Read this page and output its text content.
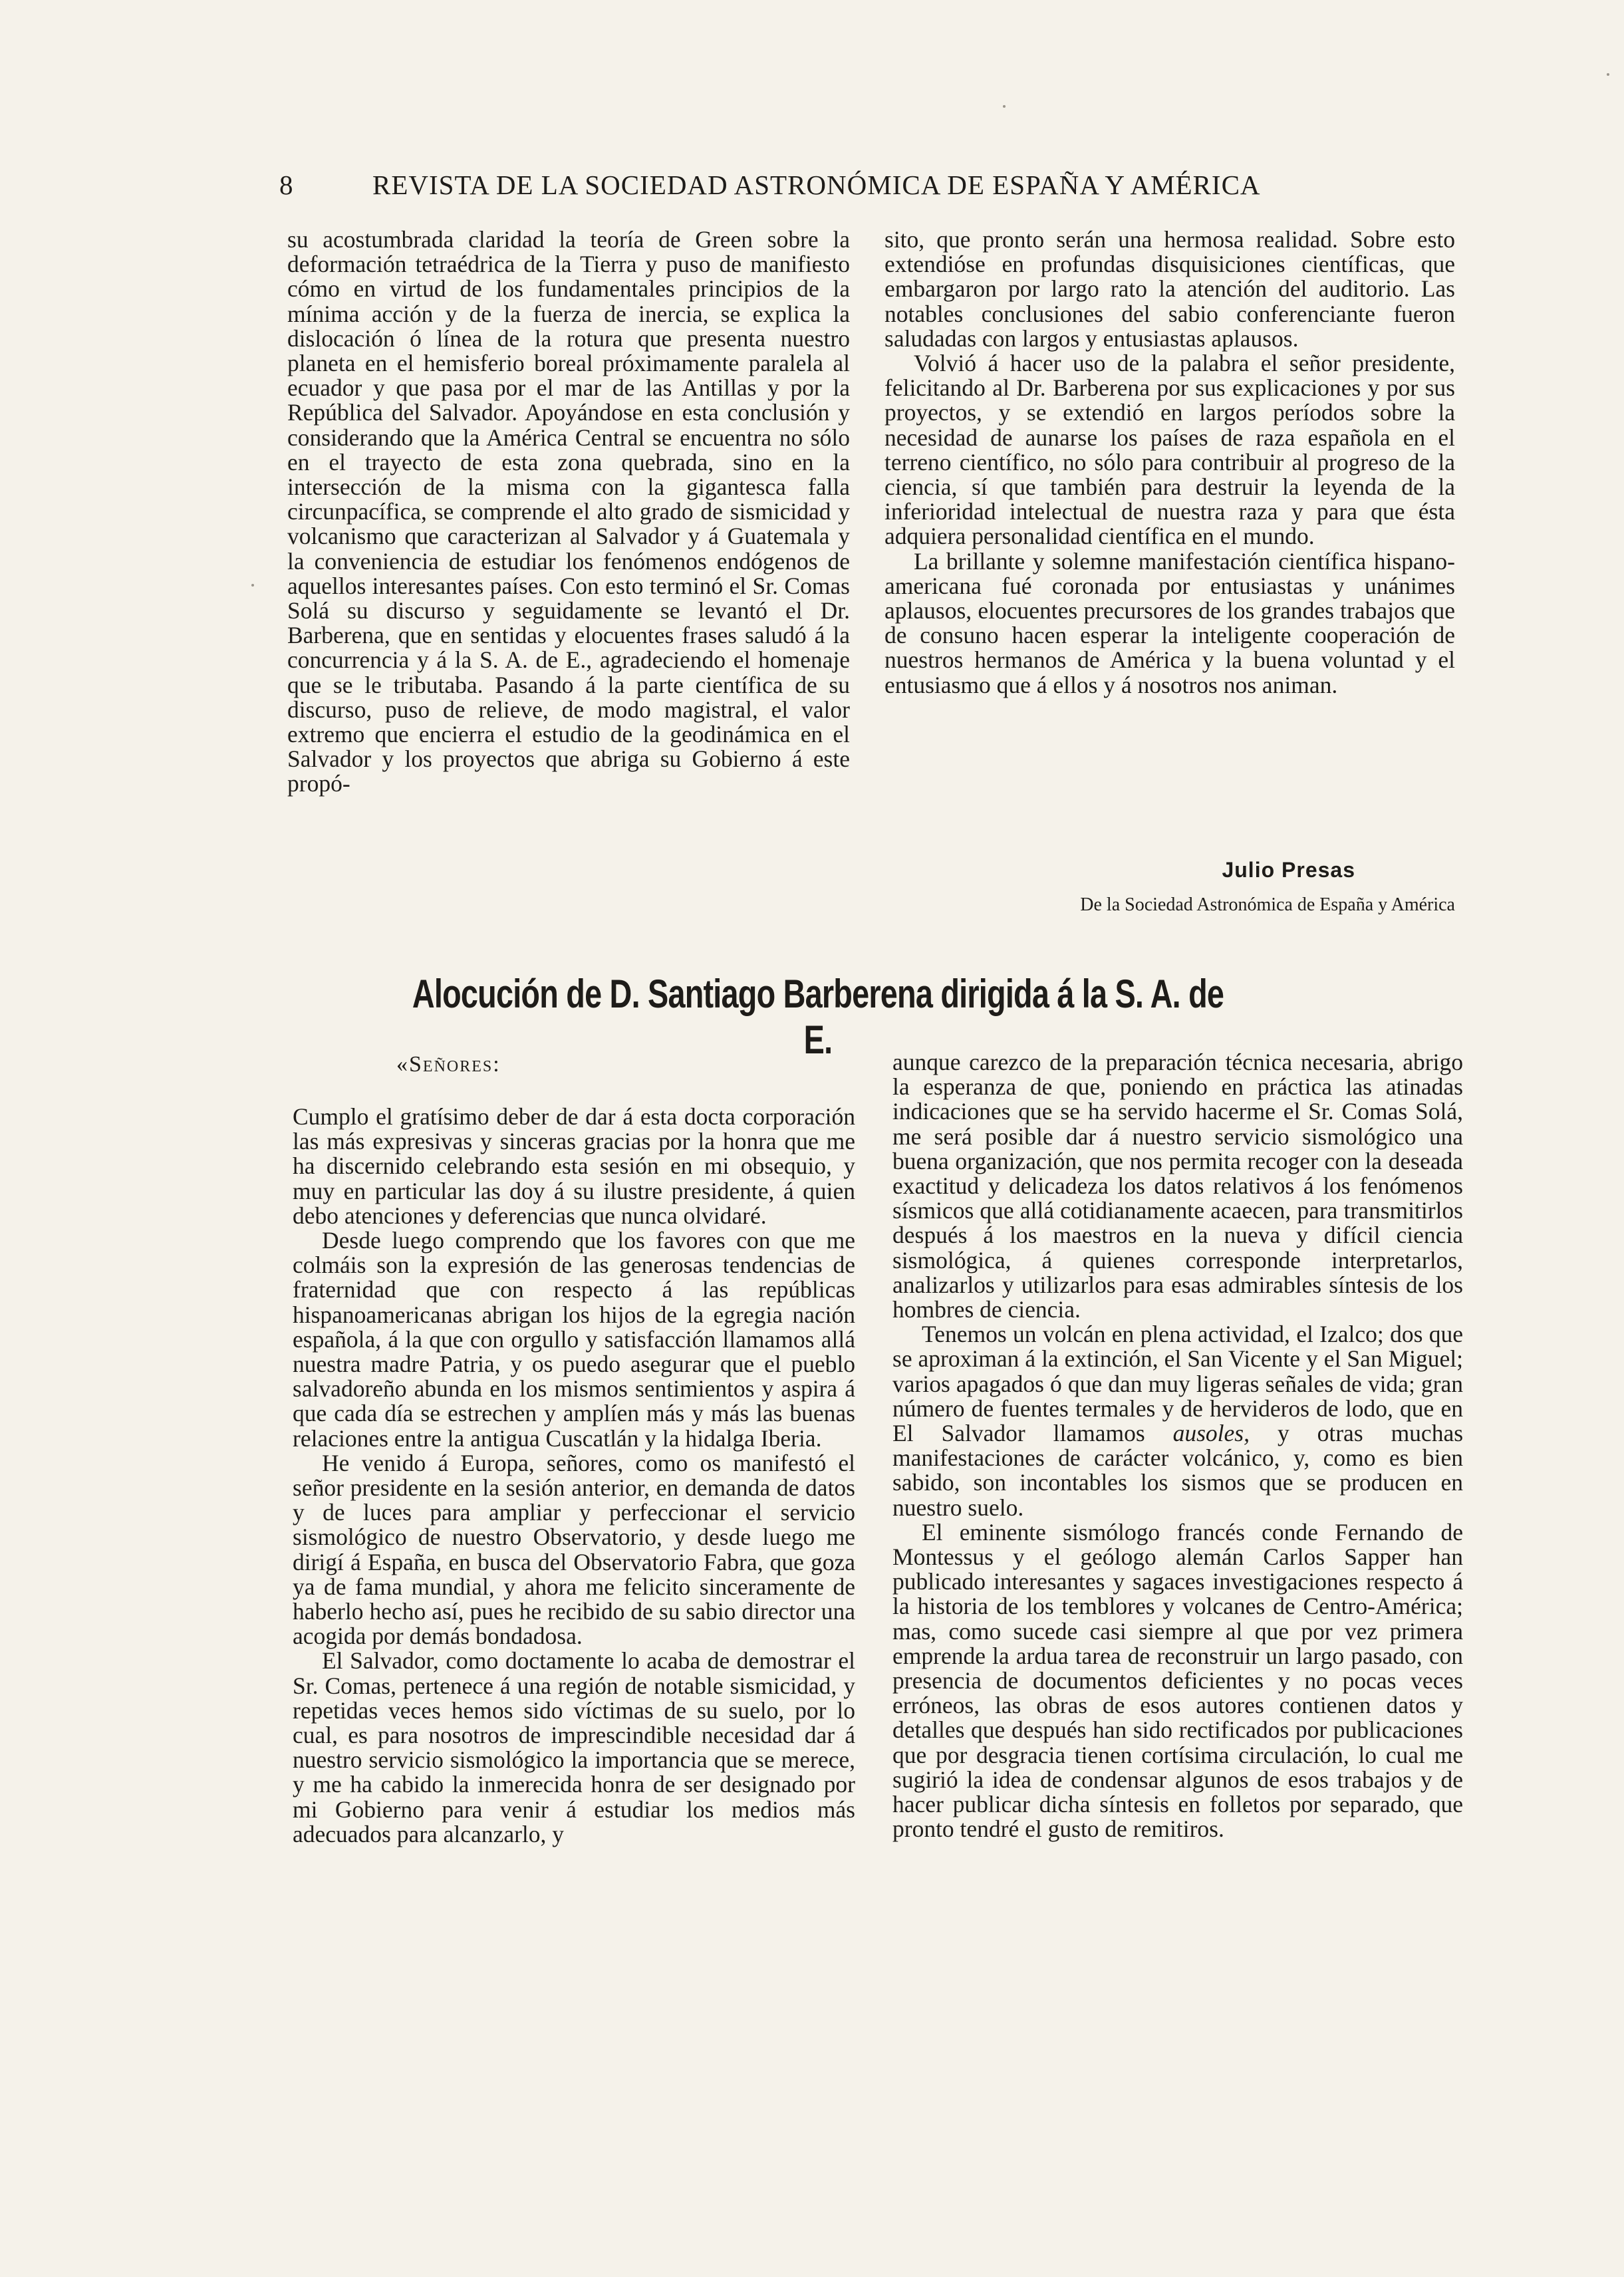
8	REVISTA DE LA SOCIEDAD ASTRONÓMICA DE ESPAÑA Y AMÉRICA

su acostumbrada claridad la teoría de Green sobre la deformación tetraédrica de la Tierra y puso de manifiesto cómo en virtud de los fundamentales principios de la mínima acción y de la fuerza de inercia, se explica la dislocación ó línea de la rotura que presenta nuestro planeta en el hemisferio boreal próximamente paralela al ecuador y que pasa por el mar de las Antillas y por la República del Salvador. Apoyándose en esta conclusión y considerando que la América Central se encuentra no sólo en el trayecto de esta zona quebrada, sino en la intersección de la misma con la gigantesca falla circunpacífica, se comprende el alto grado de sismicidad y volcanismo que caracterizan al Salvador y á Guatemala y la conveniencia de estudiar los fenómenos endógenos de aquellos interesantes países. Con esto terminó el Sr. Comas Solá su discurso y seguidamente se levantó el Dr. Barberena, que en sentidas y elocuentes frases saludó á la concurrencia y á la S. A. de E., agradeciendo el homenaje que se le tributaba. Pasando á la parte científica de su discurso, puso de relieve, de modo magistral, el valor extremo que encierra el estudio de la geodinámica en el Salvador y los proyectos que abriga su Gobierno á este propó-

sito, que pronto serán una hermosa realidad. Sobre esto extendióse en profundas disquisiciones científicas, que embargaron por largo rato la atención del auditorio. Las notables conclusiones del sabio conferenciante fueron saludadas con largos y entusiastas aplausos.

Volvió á hacer uso de la palabra el señor presidente, felicitando al Dr. Barberena por sus explicaciones y por sus proyectos, y se extendió en largos períodos sobre la necesidad de aunarse los países de raza española en el terreno científico, no sólo para contribuir al progreso de la ciencia, sí que también para destruir la leyenda de la inferioridad intelectual de nuestra raza y para que ésta adquiera personalidad científica en el mundo.

La brillante y solemne manifestación científica hispano-americana fué coronada por entusiastas y unánimes aplausos, elocuentes precursores de los grandes trabajos que de consuno hacen esperar la inteligente cooperación de nuestros hermanos de América y la buena voluntad y el entusiasmo que á ellos y á nosotros nos animan.

Julio Presas
De la Sociedad Astronómica de España y América
Alocución de D. Santiago Barberena dirigida á la S. A. de E.
«Señores:

Cumplo el gratísimo deber de dar á esta docta corporación las más expresivas y sinceras gracias por la honra que me ha discernido celebrando esta sesión en mi obsequio, y muy en particular las doy á su ilustre presidente, á quien debo atenciones y deferencias que nunca olvidaré.

Desde luego comprendo que los favores con que me colmáis son la expresión de las generosas tendencias de fraternidad que con respecto á las repúblicas hispanoamericanas abrigan los hijos de la egregia nación española, á la que con orgullo y satisfacción llamamos allá nuestra madre Patria, y os puedo asegurar que el pueblo salvadoreño abunda en los mismos sentimientos y aspira á que cada día se estrechen y amplíen más y más las buenas relaciones entre la antigua Cuscatlán y la hidalga Iberia.

He venido á Europa, señores, como os manifestó el señor presidente en la sesión anterior, en demanda de datos y de luces para ampliar y perfeccionar el servicio sismológico de nuestro Observatorio, y desde luego me dirigí á España, en busca del Observatorio Fabra, que goza ya de fama mundial, y ahora me felicito sinceramente de haberlo hecho así, pues he recibido de su sabio director una acogida por demás bondadosa.

El Salvador, como doctamente lo acaba de demostrar el Sr. Comas, pertenece á una región de notable sismicidad, y repetidas veces hemos sido víctimas de su suelo, por lo cual, es para nosotros de imprescindible necesidad dar á nuestro servicio sismológico la importancia que se merece, y me ha cabido la inmerecida honra de ser designado por mi Gobierno para venir á estudiar los medios más adecuados para alcanzarlo, y

aunque carezco de la preparación técnica necesaria, abrigo la esperanza de que, poniendo en práctica las atinadas indicaciones que se ha servido hacerme el Sr. Comas Solá, me será posible dar á nuestro servicio sismológico una buena organización, que nos permita recoger con la deseada exactitud y delicadeza los datos relativos á los fenómenos sísmicos que allá cotidianamente acaecen, para transmitirlos después á los maestros en la nueva y difícil ciencia sismológica, á quienes corresponde interpretarlos, analizarlos y utilizarlos para esas admirables síntesis de los hombres de ciencia.

Tenemos un volcán en plena actividad, el Izalco; dos que se aproximan á la extinción, el San Vicente y el San Miguel; varios apagados ó que dan muy ligeras señales de vida; gran número de fuentes termales y de hervideros de lodo, que en El Salvador llamamos ausoles, y otras muchas manifestaciones de carácter volcánico, y, como es bien sabido, son incontables los sismos que se producen en nuestro suelo.

El eminente sismólogo francés conde Fernando de Montessus y el geólogo alemán Carlos Sapper han publicado interesantes y sagaces investigaciones respecto á la historia de los temblores y volcanes de Centro-América; mas, como sucede casi siempre al que por vez primera emprende la ardua tarea de reconstruir un largo pasado, con presencia de documentos deficientes y no pocas veces erróneos, las obras de esos autores contienen datos y detalles que después han sido rectificados por publicaciones que por desgracia tienen cortísima circulación, lo cual me sugirió la idea de condensar algunos de esos trabajos y de hacer publicar dicha síntesis en folletos por separado, que pronto tendré el gusto de remitiros.
